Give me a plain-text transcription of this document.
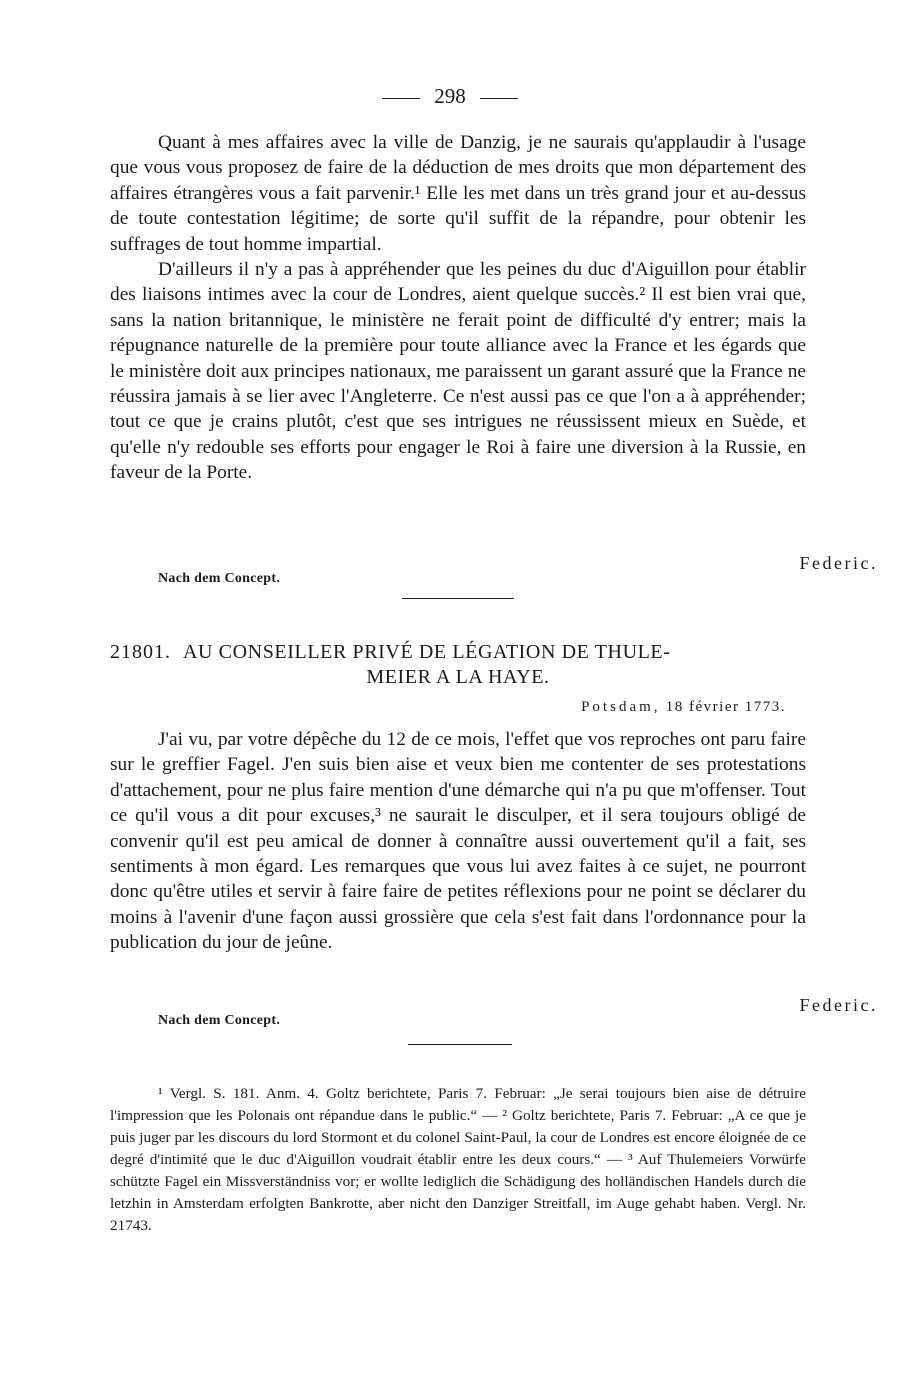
298

Quant à mes affaires avec la ville de Danzig, je ne saurais qu'applaudir à l'usage que vous vous proposez de faire de la déduction de mes droits que mon département des affaires étrangères vous a fait parvenir.¹ Elle les met dans un très grand jour et au-dessus de toute contestation légitime; de sorte qu'il suffit de la répandre, pour obtenir les suffrages de tout homme impartial.

D'ailleurs il n'y a pas à appréhender que les peines du duc d'Aiguillon pour établir des liaisons intimes avec la cour de Londres, aient quelque succès.² Il est bien vrai que, sans la nation britannique, le ministère ne ferait point de difficulté d'y entrer; mais la répugnance naturelle de la première pour toute alliance avec la France et les égards que le ministère doit aux principes nationaux, me paraissent un garant assuré que la France ne réussira jamais à se lier avec l'Angleterre. Ce n'est aussi pas ce que l'on a à appréhender; tout ce que je crains plutôt, c'est que ses intrigues ne réussissent mieux en Suède, et qu'elle n'y redouble ses efforts pour engager le Roi à faire une diversion à la Russie, en faveur de la Porte.

Federic.
Nach dem Concept.
21801. AU CONSEILLER PRIVÉ DE LÉGATION DE THULE-
MEIER A LA HAYE.
Potsdam, 18 février 1773.

J'ai vu, par votre dépêche du 12 de ce mois, l'effet que vos reproches ont paru faire sur le greffier Fagel. J'en suis bien aise et veux bien me contenter de ses protestations d'attachement, pour ne plus faire mention d'une démarche qui n'a pu que m'offenser. Tout ce qu'il vous a dit pour excuses,³ ne saurait le disculper, et il sera toujours obligé de convenir qu'il est peu amical de donner à connaître aussi ouvertement qu'il a fait, ses sentiments à mon égard. Les remarques que vous lui avez faites à ce sujet, ne pourront donc qu'être utiles et servir à faire faire de petites réflexions pour ne point se déclarer du moins à l'avenir d'une façon aussi grossière que cela s'est fait dans l'ordonnance pour la publication du jour de jeûne.

Federic.
Nach dem Concept.

¹ Vergl. S. 181. Anm. 4. Goltz berichtete, Paris 7. Februar: „Je serai toujours bien aise de détruire l'impression que les Polonais ont répandue dans le public.“ — ² Goltz berichtete, Paris 7. Februar: „A ce que je puis juger par les discours du lord Stormont et du colonel Saint-Paul, la cour de Londres est encore éloignée de ce degré d'intimité que le duc d'Aiguillon voudrait établir entre les deux cours.“ — ³ Auf Thulemeiers Vorwürfe schützte Fagel ein Missverständniss vor; er wollte lediglich die Schädigung des holländischen Handels durch die letzhin in Amsterdam erfolgten Bankrotte, aber nicht den Danziger Streitfall, im Auge gehabt haben. Vergl. Nr. 21743.
